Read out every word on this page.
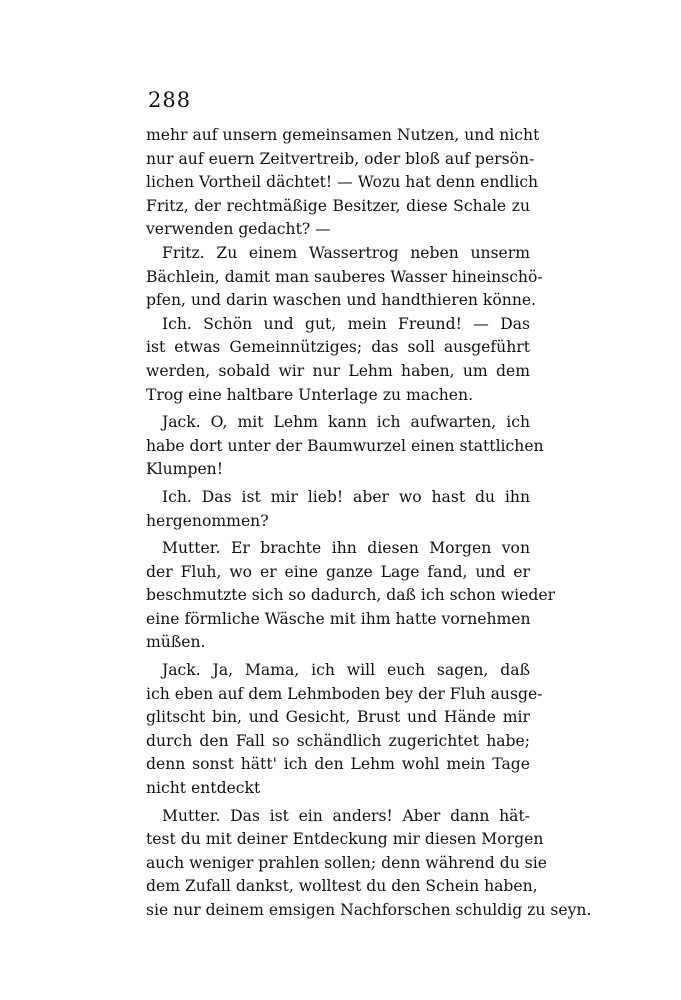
288
mehr auf unsern gemeinsamen Nutzen, und nicht
nur auf euern Zeitvertreib, oder bloß auf persön-
lichen Vortheil dächtet! — Wozu hat denn endlich
Fritz, der rechtmäßige Besitzer, diese Schale zu
verwenden gedacht? —
Fritz. Zu einem Wassertrog neben unserm
Bächlein, damit man sauberes Wasser hineinschö-
pfen, und darin waschen und handthieren könne.
Ich. Schön und gut, mein Freund! — Das
ist etwas Gemeinnütziges; das soll ausgeführt
werden, sobald wir nur Lehm haben, um dem
Trog eine haltbare Unterlage zu machen.
Jack. O, mit Lehm kann ich aufwarten, ich
habe dort unter der Baumwurzel einen stattlichen
Klumpen!
Ich. Das ist mir lieb! aber wo hast du ihn
hergenommen?
Mutter. Er brachte ihn diesen Morgen von
der Fluh, wo er eine ganze Lage fand, und er
beschmutzte sich so dadurch, daß ich schon wieder
eine förmliche Wäsche mit ihm hatte vornehmen
müßen.
Jack. Ja, Mama, ich will euch sagen, daß
ich eben auf dem Lehmboden bey der Fluh ausge-
glitscht bin, und Gesicht, Brust und Hände mir
durch den Fall so schändlich zugerichtet habe;
denn sonst hätt' ich den Lehm wohl mein Tage
nicht entdeckt
Mutter. Das ist ein anders! Aber dann hät-
test du mit deiner Entdeckung mir diesen Morgen
auch weniger prahlen sollen; denn während du sie
dem Zufall dankst, wolltest du den Schein haben,
sie nur deinem emsigen Nachforschen schuldig zu seyn.
